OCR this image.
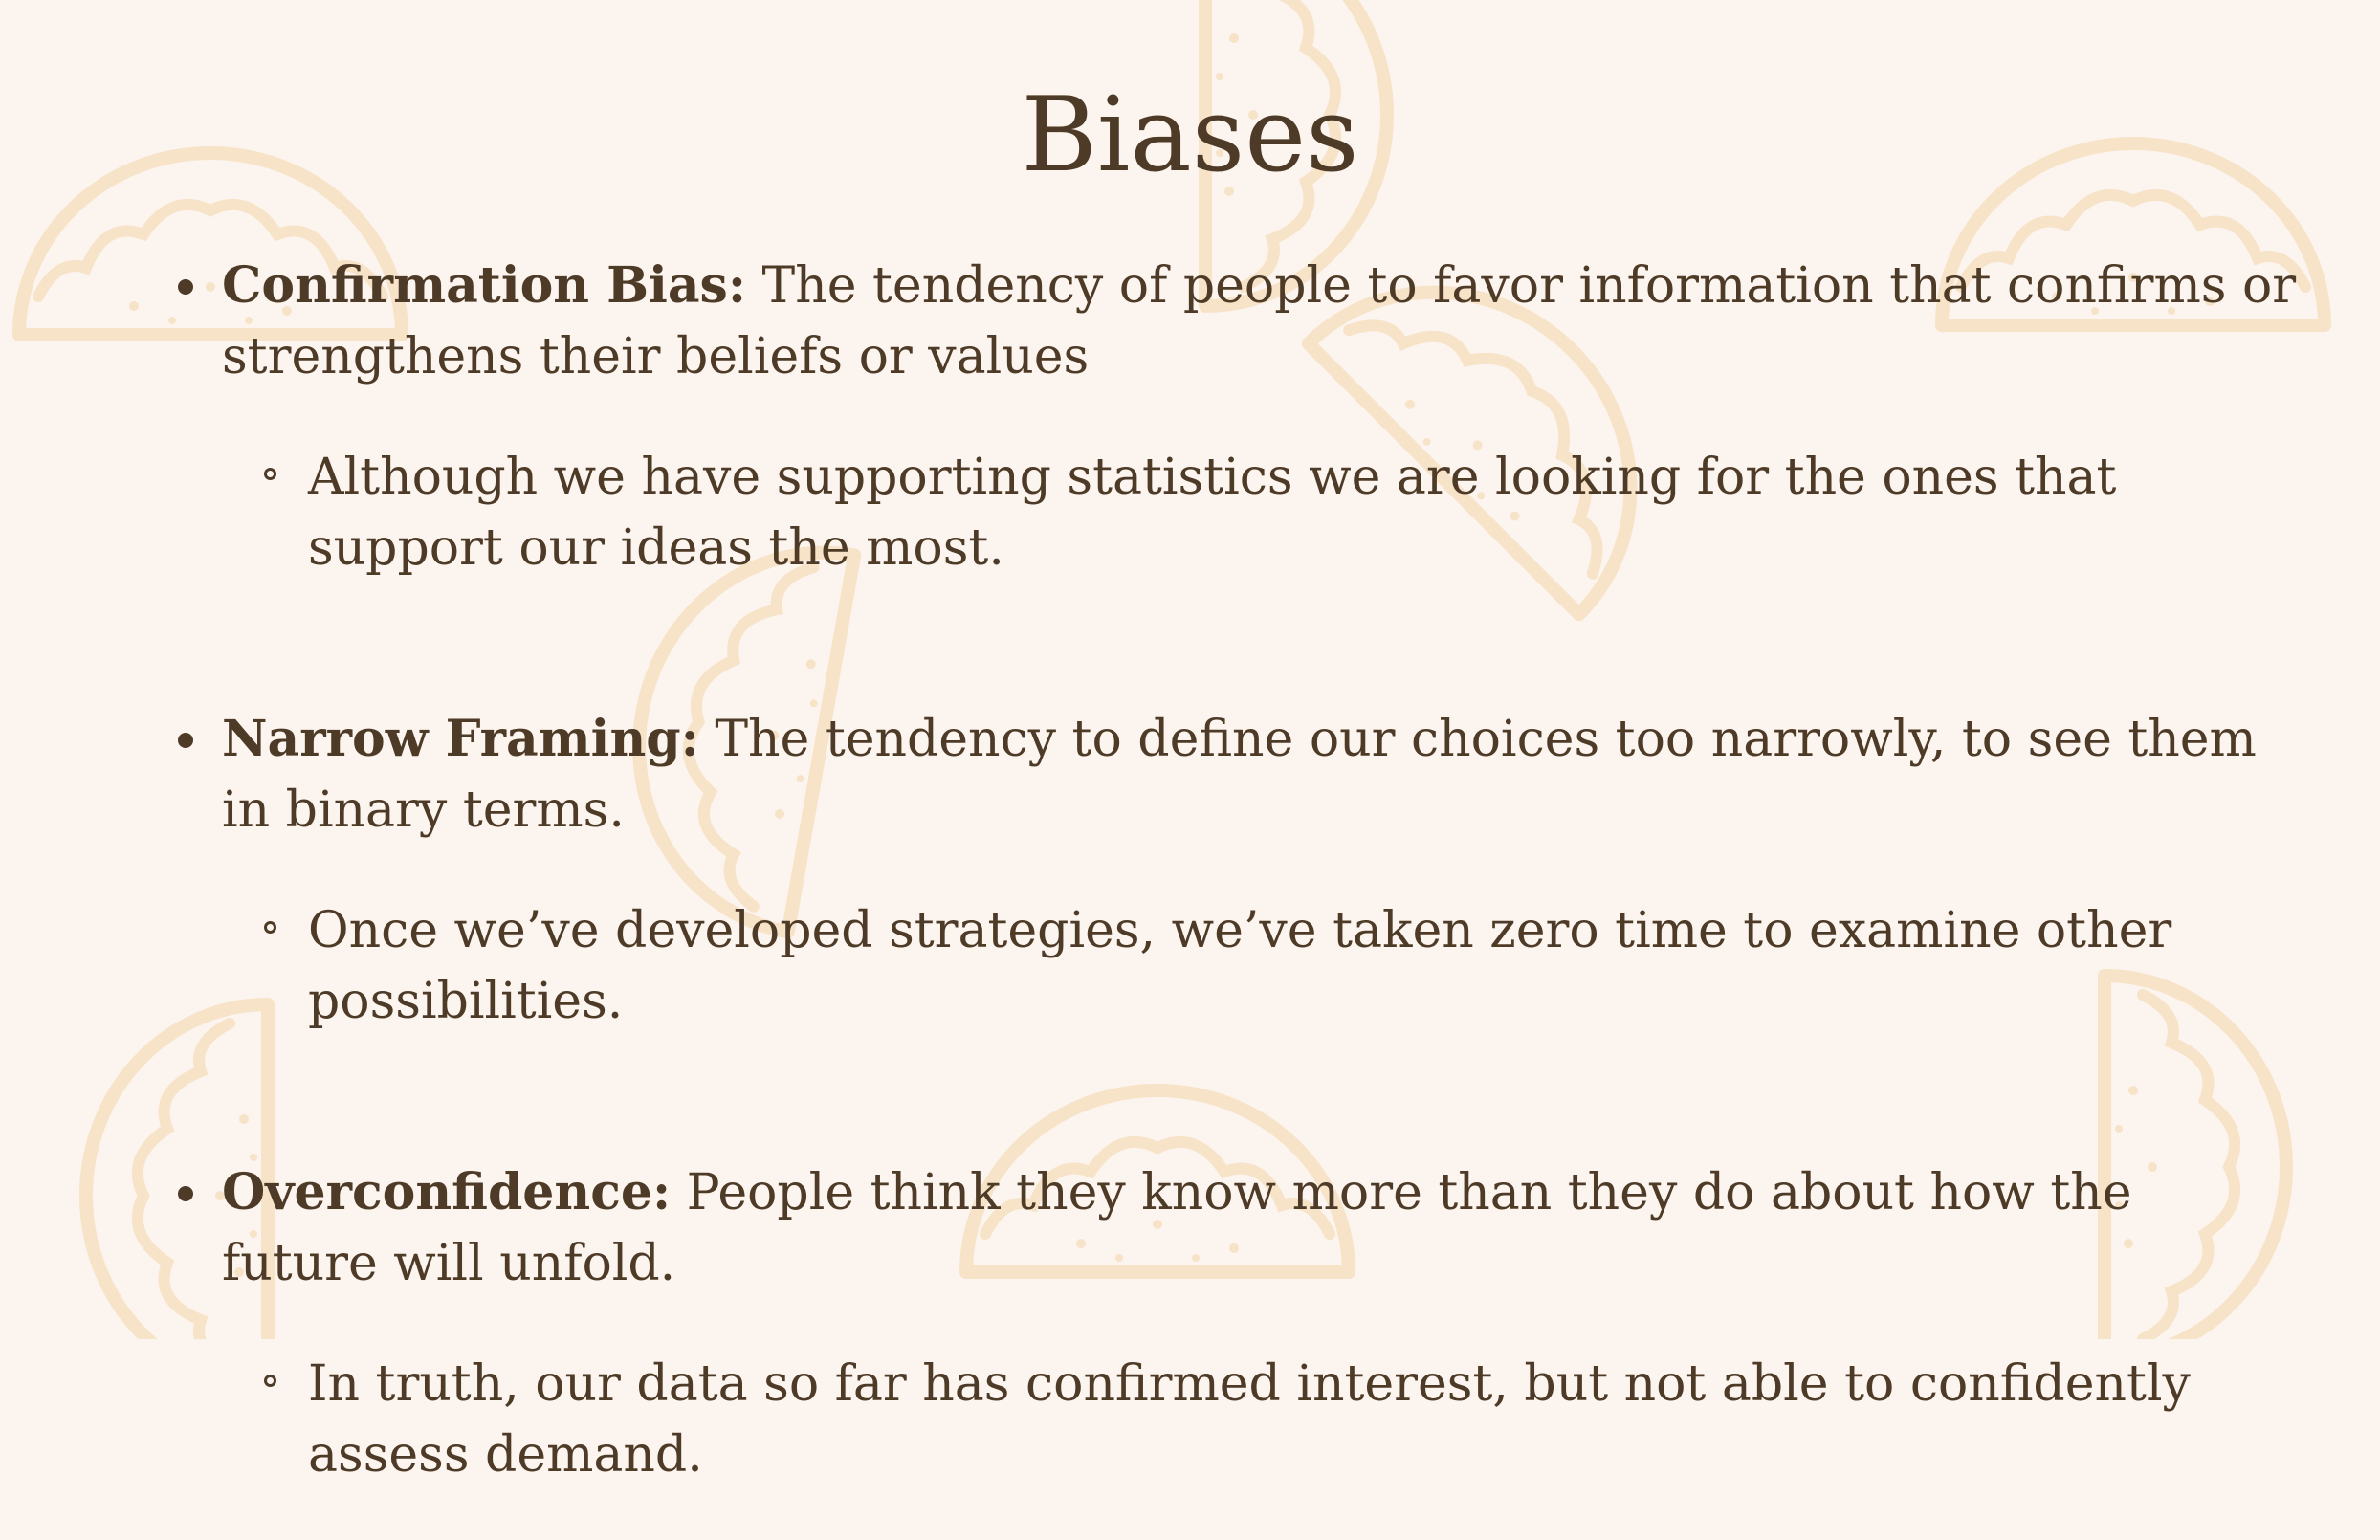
Biases

Confirmation Bias: The tendency of people to favor information that confirms or strengthens their beliefs or values

Although we have supporting statistics we are looking for the ones that support our ideas the most.

Narrow Framing: The tendency to define our choices too narrowly, to see them in binary terms.

Once we’ve developed strategies, we’ve taken zero time to examine other possibilities.

Overconfidence: People think they know more than they do about how the future will unfold.

In truth, our data so far has confirmed interest, but not able to confidently assess demand.
